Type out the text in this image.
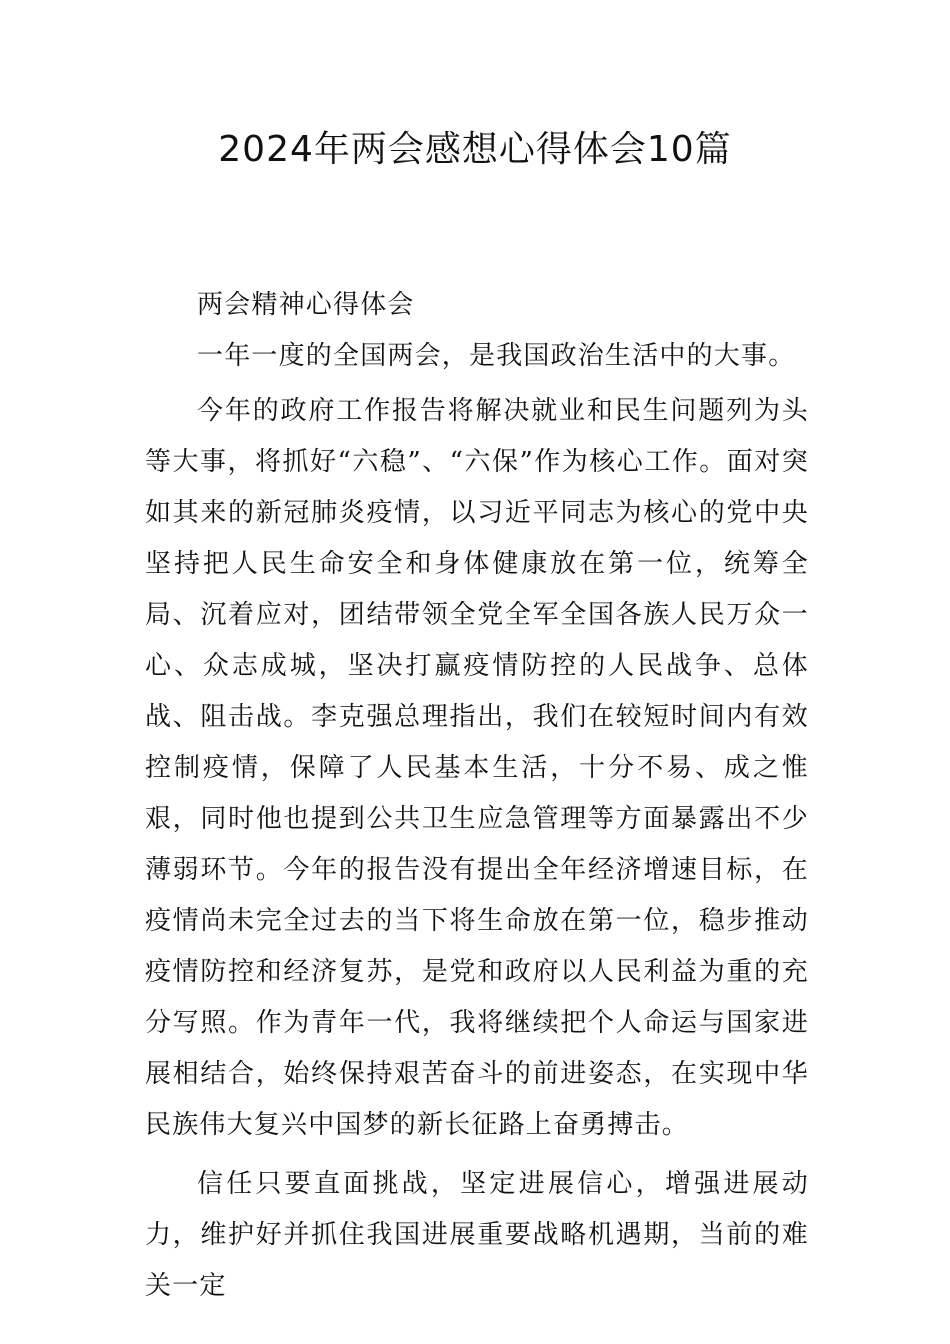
2024年两会感想心得体会10篇

两会精神心得体会

一年一度的全国两会，是我国政治生活中的大事。

今年的政府工作报告将解决就业和民生问题列为头等大事，将抓好“六稳”、“六保”作为核心工作。面对突如其来的新冠肺炎疫情，以习近平同志为核心的党中央坚持把人民生命安全和身体健康放在第一位，统筹全局、沉着应对，团结带领全党全军全国各族人民万众一心、众志成城，坚决打赢疫情防控的人民战争、总体战、阻击战。李克强总理指出，我们在较短时间内有效控制疫情，保障了人民基本生活，十分不易、成之惟艰，同时他也提到公共卫生应急管理等方面暴露出不少薄弱环节。今年的报告没有提出全年经济增速目标，在疫情尚未完全过去的当下将生命放在第一位，稳步推动疫情防控和经济复苏，是党和政府以人民利益为重的充分写照。作为青年一代，我将继续把个人命运与国家进展相结合，始终保持艰苦奋斗的前进姿态，在实现中华民族伟大复兴中国梦的新长征路上奋勇搏击。

信任只要直面挑战，坚定进展信心，增强进展动力，维护好并抓住我国进展重要战略机遇期，当前的难关一定
